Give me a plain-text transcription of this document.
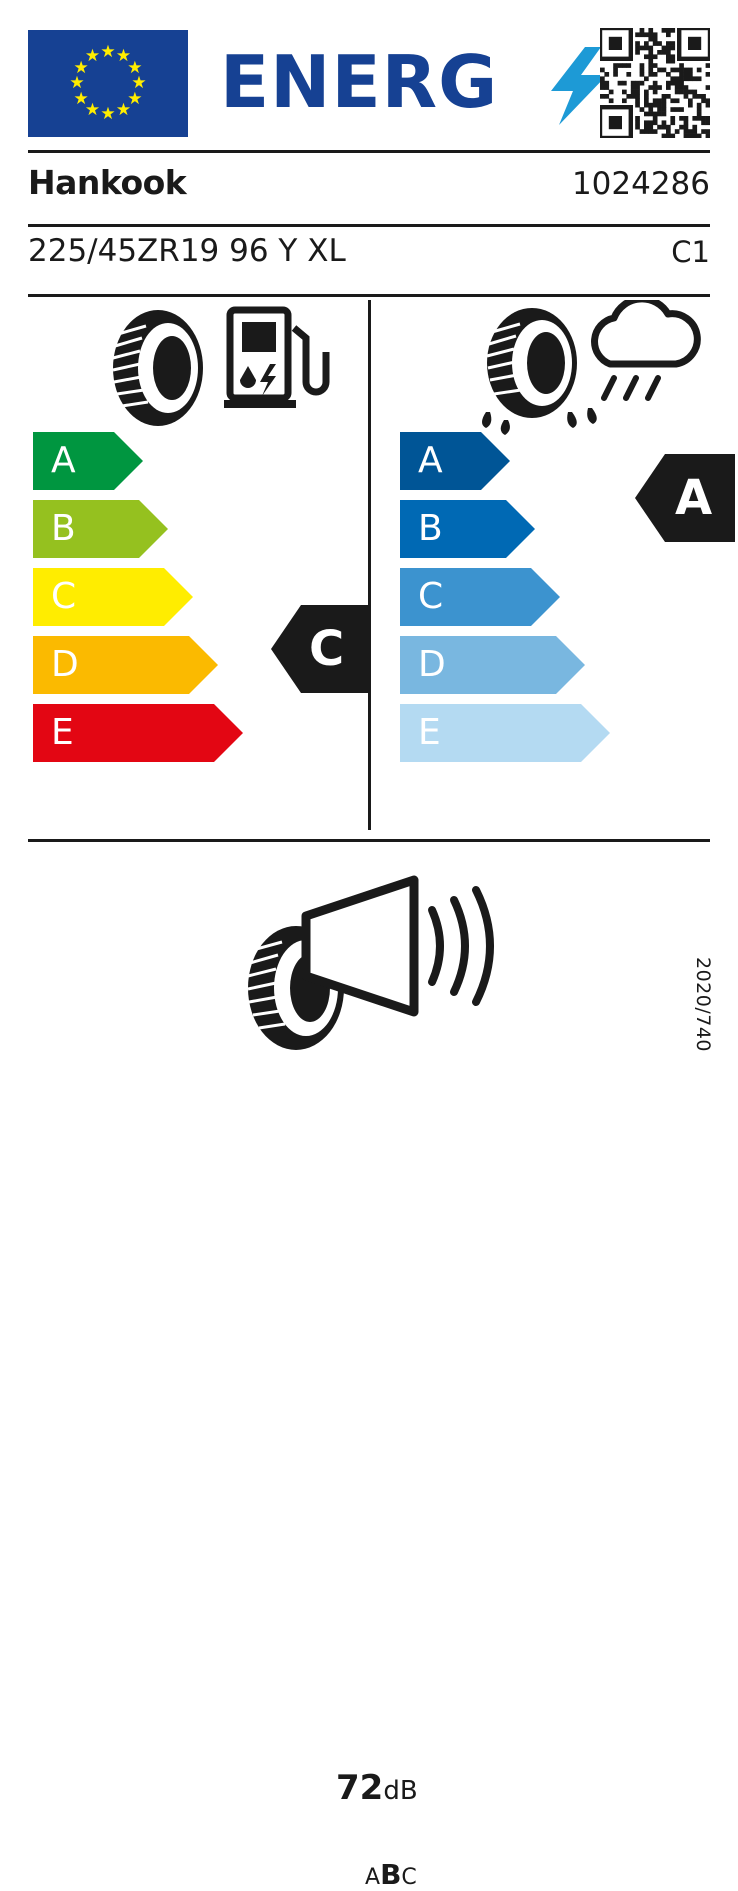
★ ★
★
★
★
★
★
★
★
★
★
★ ENERG
Hankook	1024286
225/45ZR19 96 Y XL	C1
A
B
C
D
E
C
A
B
C
D
E
A
72dB
ABC
2020/740
